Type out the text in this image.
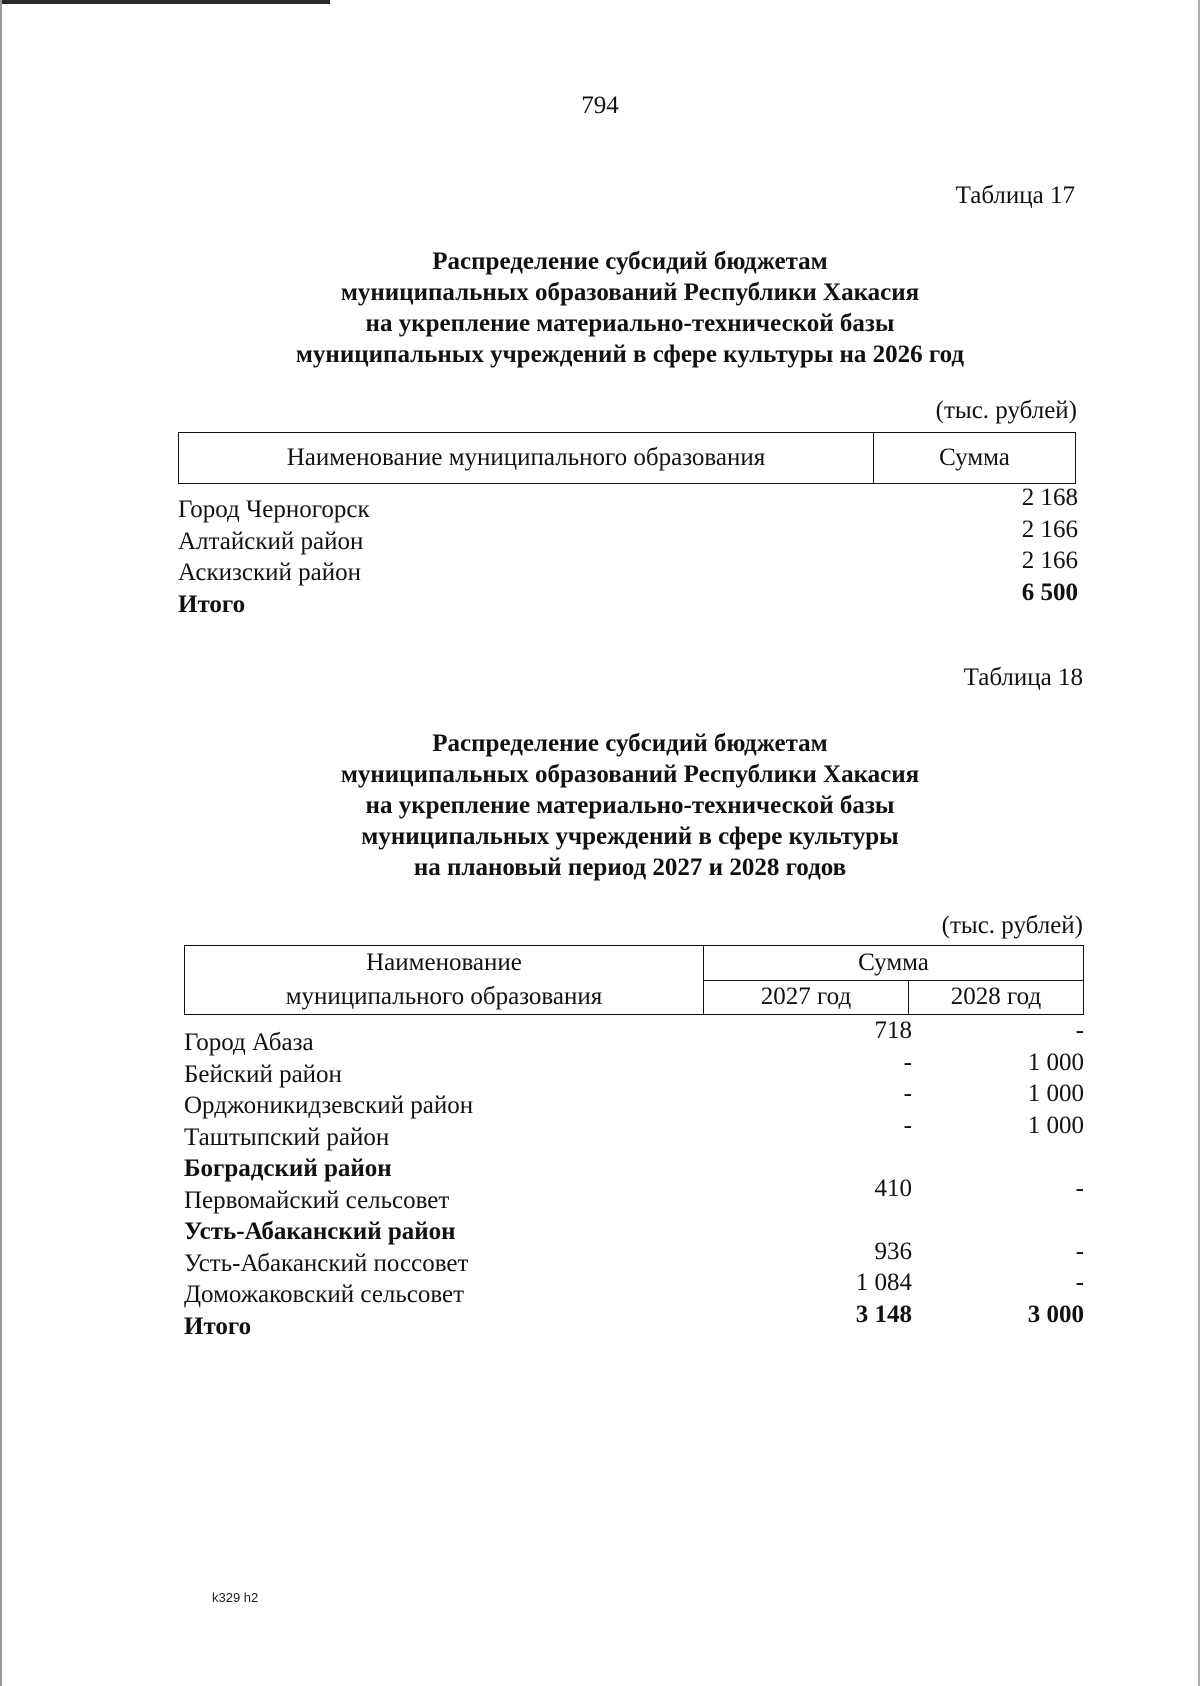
794
Таблица 17
Распределение субсидий бюджетам
муниципальных образований Республики Хакасия
на укрепление материально-технической базы
муниципальных учреждений в сфере культуры на 2026 год
(тыс. рублей)
Наименование муниципального образования	Сумма
Город Черногорск	2 168
Алтайский район	2 166
Аскизский район	2 166
Итого	6 500
Таблица 18
Распределение субсидий бюджетам
муниципальных образований Республики Хакасия
на укрепление материально-технической базы
муниципальных учреждений в сфере культуры
на плановый период 2027 и 2028 годов
(тыс. рублей)
Наименование
муниципального образования	Сумма	
	2027 год	2028 год
Город Абаза	718	-
Бейский район	-	1 000
Орджоникидзевский район	-	1 000
Таштыпский район	-	1 000
Боградский район
Первомайский сельсовет	410	-
Усть-Абаканский район
Усть-Абаканский поссовет	936	-
Доможаковский сельсовет	1 084	-
Итого	3 148	3 000
k329 h2
